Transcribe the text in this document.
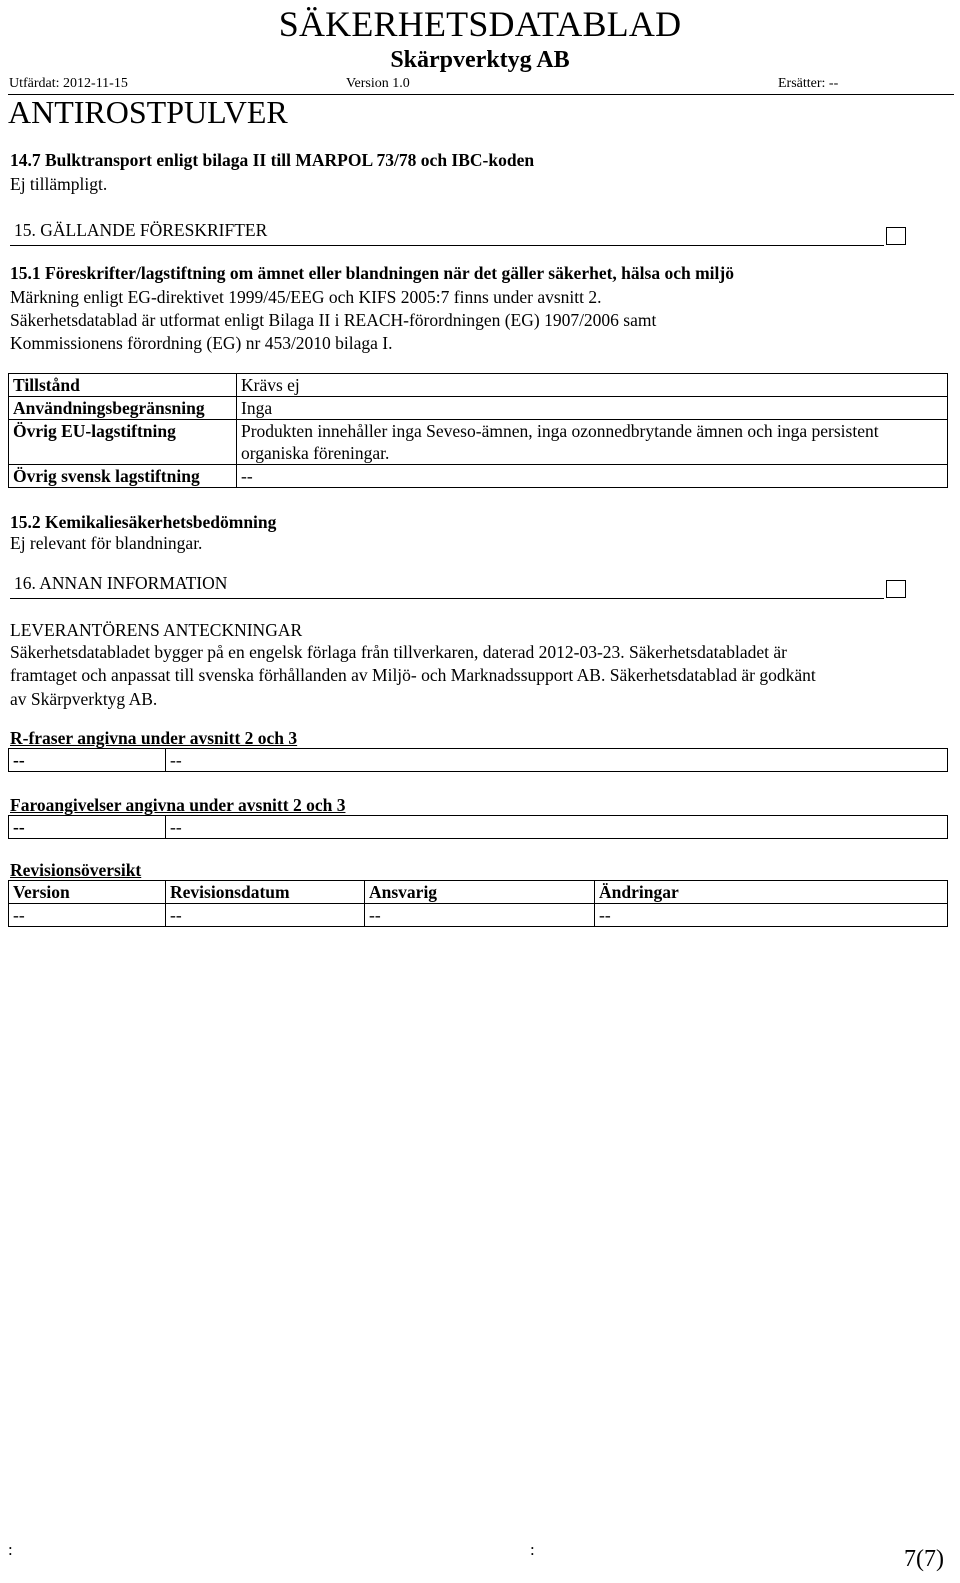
SÄKERHETSDATABLAD
Skärpverktyg AB
Utfärdat: 2012-11-15	Version 1.0	Ersätter: --
ANTIROSTPULVER
14.7 Bulktransport enligt bilaga II till MARPOL 73/78 och IBC-koden
Ej tillämpligt.
15. GÄLLANDE FÖRESKRIFTER
15.1 Föreskrifter/lagstiftning om ämnet eller blandningen när det gäller säkerhet, hälsa och miljö
Märkning enligt EG-direktivet 1999/45/EEG och KIFS 2005:7 finns under avsnitt 2.
Säkerhetsdatablad är utformat enligt Bilaga II i REACH-förordningen (EG) 1907/2006 samt
Kommissionens förordning (EG) nr 453/2010 bilaga I.
Tillstånd	Krävs ej
Användningsbegränsning	Inga
Övrig EU-lagstiftning	Produkten innehåller inga Seveso-ämnen, inga ozonnedbrytande ämnen och inga persistent organiska föreningar.
Övrig svensk lagstiftning	--
15.2 Kemikaliesäkerhetsbedömning
Ej relevant för blandningar.
16. ANNAN INFORMATION
LEVERANTÖRENS ANTECKNINGAR
Säkerhetsdatabladet bygger på en engelsk förlaga från tillverkaren, daterad 2012-03-23. Säkerhetsdatabladet är
framtaget och anpassat till svenska förhållanden av Miljö- och Marknadssupport AB. Säkerhetsdatablad är godkänt
av Skärpverktyg AB.
R-fraser angivna under avsnitt 2 och 3
--	--
Faroangivelser angivna under avsnitt 2 och 3
--	--
Revisionsöversikt
Version	Revisionsdatum	Ansvarig	Ändringar
--	--	--	--
:	:	7(7)
